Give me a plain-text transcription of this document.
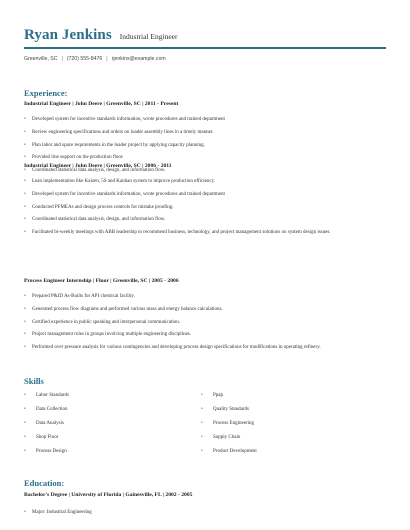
Ryan Jenkins Industrial Engineer
Greenville, SC | (720) 555-8476 | rjenkins@example.com
Experience:
Industrial Engineer | John Deere | Greenville, SC | 2011 - Present
• Developed system for incentive standards information, wrote procedures and trained department
• Review engineering specifications and orders on loader assembly lines in a timely manner.
• Plan labor and space requirements in the loader project by applying capacity planning.
• Provided line support on the production floor.
• Coordinated statistical data analysis, design, and information flow.
Industrial Engineer | John Deere | Greenville, SC | 2006 - 2011
• Lean implementation like Kaizen, 5S and Kanban system to improve production efficiency.
• Developed system for incentive standards information, wrote procedures and trained department
• Conducted PFMEAs and design process controls for mistake proofing.
• Coordinated statistical data analysis, design, and information flow.
• Facilitated bi-weekly meetings with ABB leadership to recommend business, technology, and project management solutions on system design issues.
Process Engineer Internship | Fluor | Greenville, SC | 2005 - 2006
• Prepared P&ID As-Builts for API chemical facility.
• Generated process flow diagrams and performed various mass and energy balance calculations.
• Certified experience in public speaking and interpersonal communication.
• Project management roles in groups involving multiple engineering disciplines.
• Performed over pressure analysis for various contingencies and developing process design specifications for modifications in operating refinery.
Skills
• Labor Standards
• Data Collection
• Data Analysis
• Shop Floor
• Process Design
• Ppap
• Quality Standards
• Process Engineering
• Supply Chain
• Product Development
Education:
Bachelor's Degree | University of Florida | Gainesville, FL | 2002 - 2005
• Major: Industrial Engineering
